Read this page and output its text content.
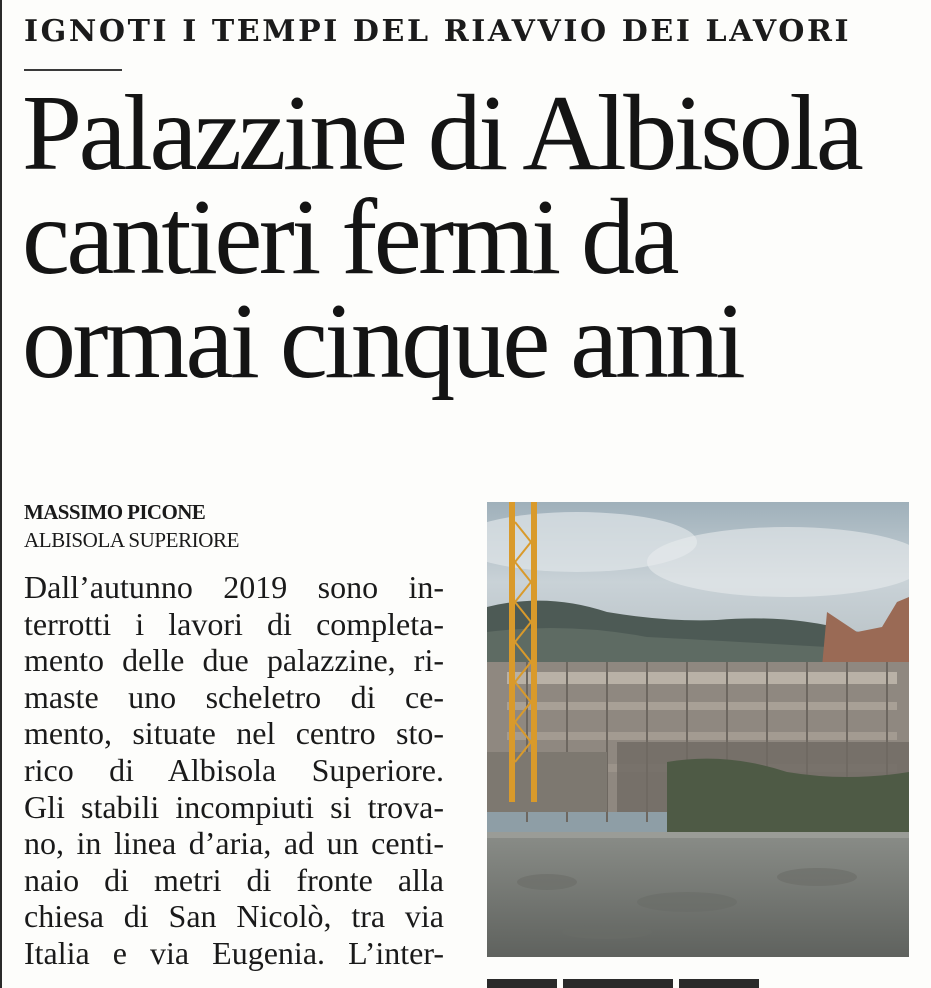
IGNOTI I TEMPI DEL RIAVVIO DEI LAVORI
Palazzine di Albisola
cantieri fermi da
ormai cinque anni
MASSIMO PICONE
ALBISOLA SUPERIORE
Dall’autunno 2019 sono in-
terrotti i lavori di completa-
mento delle due palazzine, ri-
maste uno scheletro di ce-
mento, situate nel centro sto-
rico di Albisola Superiore.
Gli stabili incompiuti si trova-
no, in linea d’aria, ad un centi-
naio di metri di fronte alla
chiesa di San Nicolò, tra via
Italia e via Eugenia. L’inter-
